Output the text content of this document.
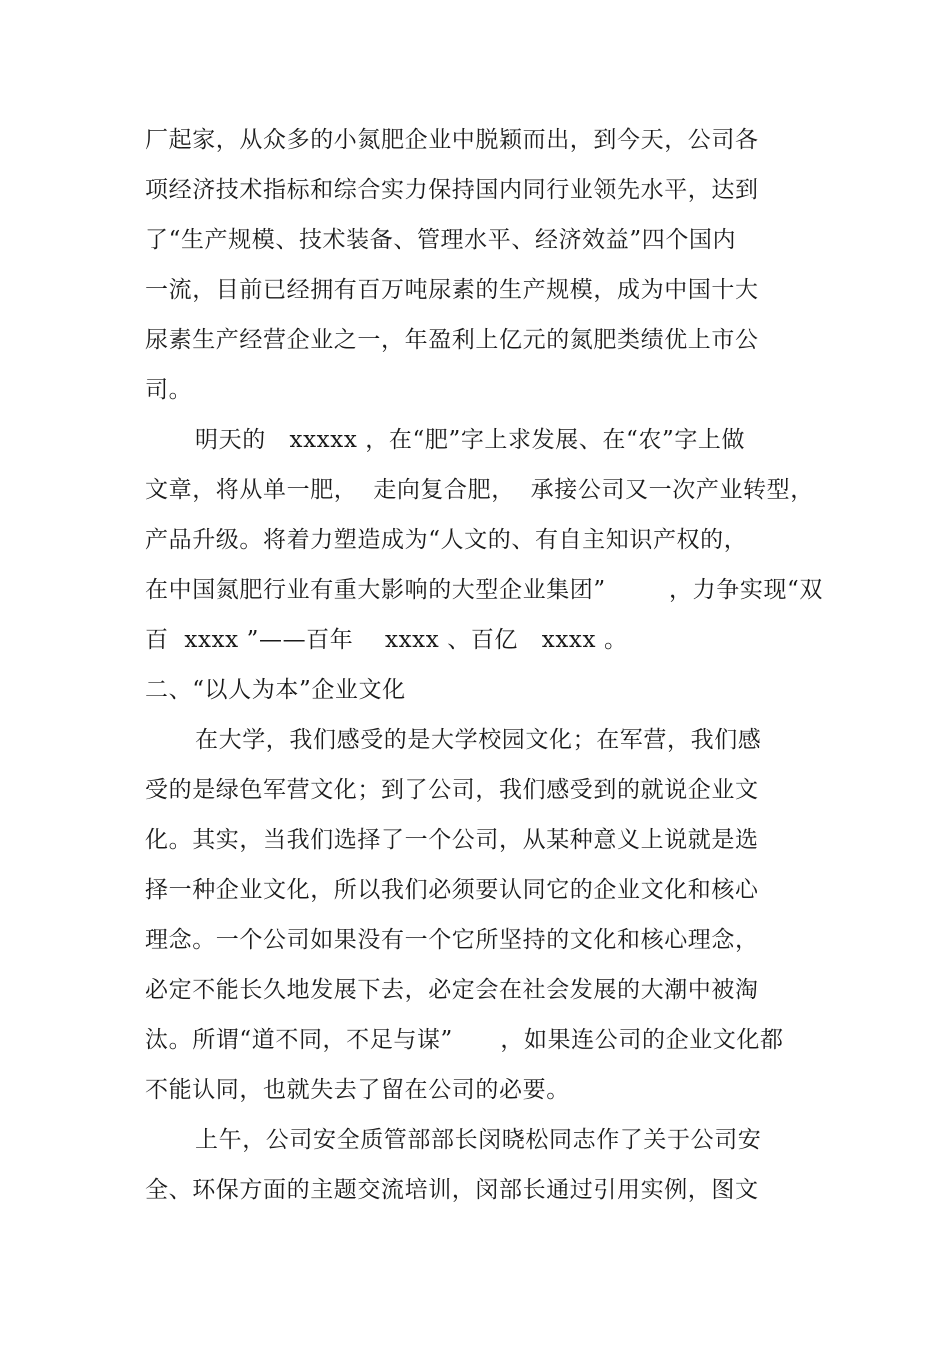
厂起家，从众多的小氮肥企业中脱颖而出，到今天，公司各
项经济技术指标和综合实力保持国内同行业领先水平，达到
了“生产规模、技术装备、管理水平、经济效益”四个国内
一流，目前已经拥有百万吨尿素的生产规模，成为中国十大
尿素生产经营企业之一，年盈利上亿元的氮肥类绩优上市公
司。
明天的   xxxxx ，在“肥”字上求发展、在“农”字上做
文章，将从单一肥，  走向复合肥，  承接公司又一次产业转型，
产品升级。将着力塑造成为“人文的、有自主知识产权的，
在中国氮肥行业有重大影响的大型企业集团”        ，力争实现“双
百  xxxx ”——百年    xxxx 、百亿   xxxx 。
二、“以人为本”企业文化
在大学，我们感受的是大学校园文化；在军营，我们感
受的是绿色军营文化；到了公司，我们感受到的就说企业文
化。其实，当我们选择了一个公司，从某种意义上说就是选
择一种企业文化，所以我们必须要认同它的企业文化和核心
理念。一个公司如果没有一个它所坚持的文化和核心理念，
必定不能长久地发展下去，必定会在社会发展的大潮中被淘
汰。所谓“道不同，不足与谋”      ，如果连公司的企业文化都
不能认同，也就失去了留在公司的必要。
上午，公司安全质管部部长闵晓松同志作了关于公司安
全、环保方面的主题交流培训，闵部长通过引用实例，图文
